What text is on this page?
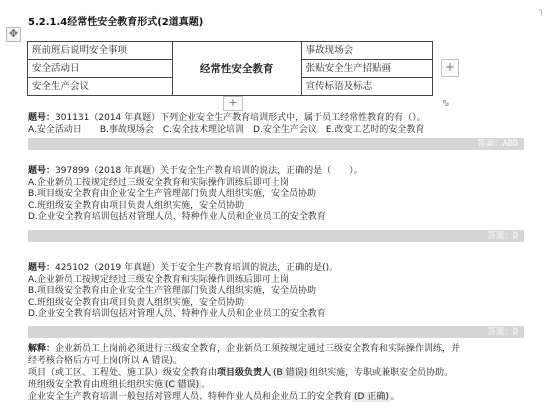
5.2.1.4经常性安全教育形式(2道真题)
┐
✥
班前班后说明安全事项	经常性安全教育	事故现场会
安全活动日		张贴安全生产招贴画
安全生产会议		宣传标语及标志
+
+	⇔
题号：301131（2014 年真题）下列企业安全生产教育培训形式中，属于员工经常性教育的有（）。
A.安全活动日　　B.事故现场会　C.安全技术理论培训　D.安全生产会议　E.改变工艺时的安全教育
答案：ABD
题号：397899（2018 年真题）关于安全生产教育培训的说法，正确的是（　　）。
A.企业新员工按规定经过三级安全教育和实际操作训练后即可上岗
B.项目级安全教育由企业安全生产管理部门负责人组织实施，安全员协助
C.班组级安全教育由项目负责人组织实施，安全员协助
D.企业安全教育培训包括对管理人员、特种作业人员和企业员工的安全教育
答案：D
题号：425102（2019 年真题）关于安全生产教育培训的说法，正确的是()。
A.企业新员工按规定经过三级安全教育和实际操作训练后即可上岗
B.项目级安全教育由企业安全生产管理部门负责人组织实施，安全员协助
C.班组级安全教育由项目负责人组织实施，安全员协助
D.企业安全教育培训包括对管理人员、特种作业人员和企业员工的安全教育
答案：D
解释：企业新员工上岗前必须进行三级安全教育，企业新员工须按规定通过三级安全教育和实际操作训练，并
经考核合格后方可上岗(所以 A 错误)。
项目（或工区、工程处、施工队）级安全教育由项目级负责人 (B 错误) 组织实施，专职或兼职安全员协助。
班组级安全教育由班组长组织实施 (C 错误) 。
企业安全生产教育培训一般包括对管理人员、特种作业人员和企业员工的安全教育 (D 正确) 。
